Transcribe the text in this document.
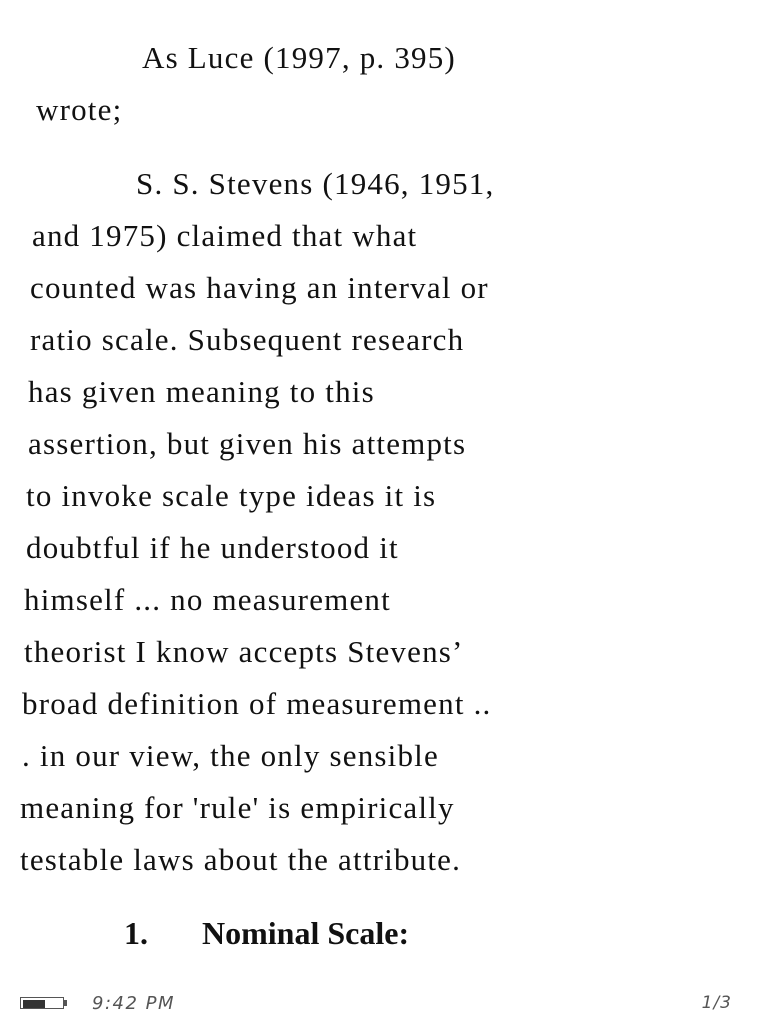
As Luce (1997, p. 395)
wrote;
S. S. Stevens (1946, 1951,
and 1975) claimed that what
counted was having an interval or
ratio scale. Subsequent research
has given meaning to this
assertion, but given his attempts
to invoke scale type ideas it is
doubtful if he understood it
himself ... no measurement
theorist I know accepts Stevens’
broad definition of measurement ..
. in our view, the only sensible
meaning for 'rule' is empirically
testable laws about the attribute.
1. Nominal Scale:
9:42 PM	1/3
